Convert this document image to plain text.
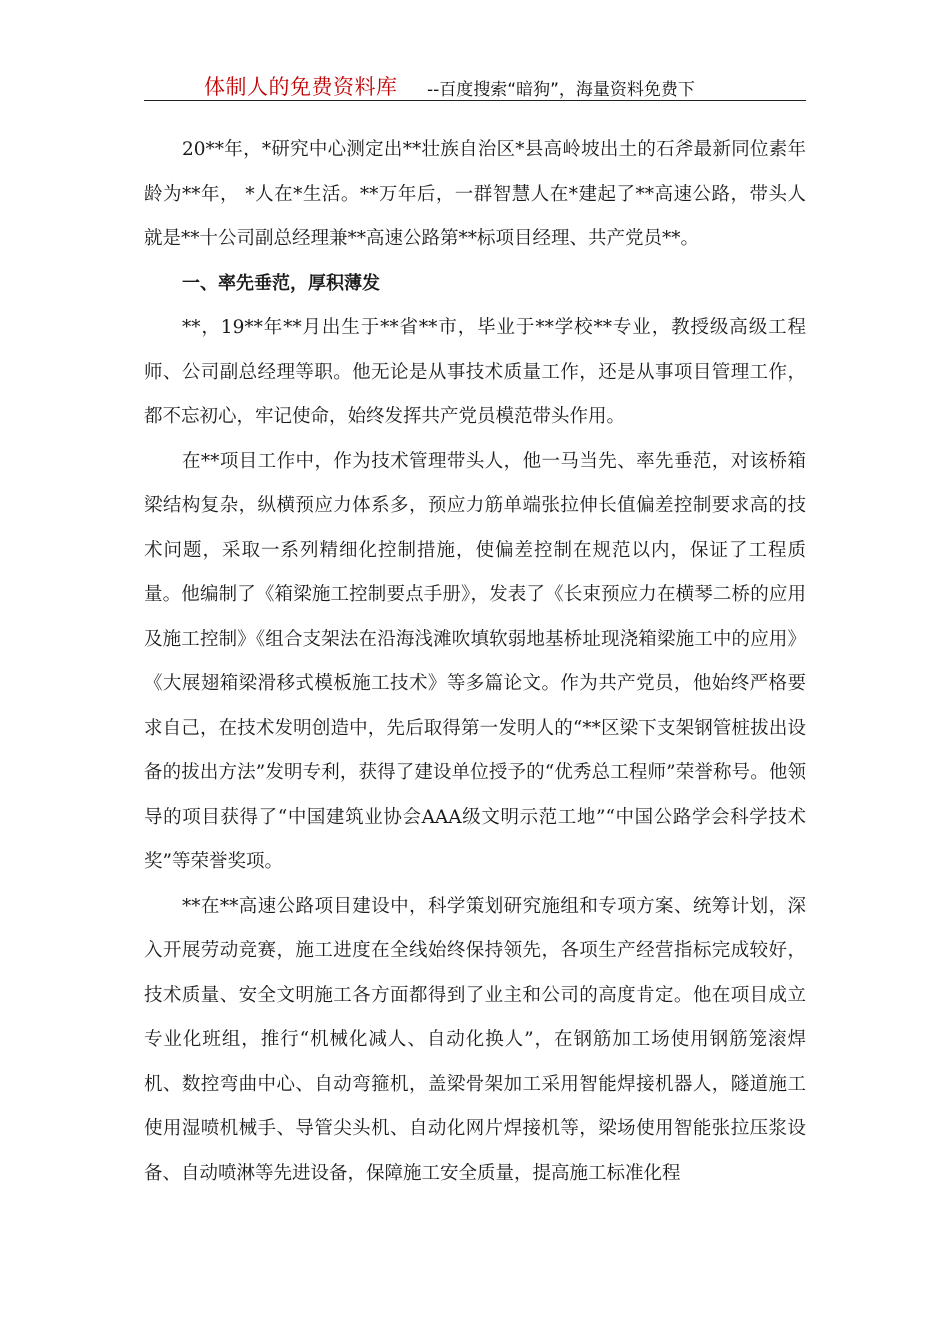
体制人的免费资料库 --百度搜索“暗狗”，海量资料免费下

20**年，*研究中心测定出**壮族自治区*县高岭坡出土的石斧最新同位素年龄为**年， *人在*生活。**万年后，一群智慧人在*建起了**高速公路，带头人就是**十公司副总经理兼**高速公路第**标项目经理、共产党员**。

一、率先垂范，厚积薄发

**，19**年**月出生于**省**市，毕业于**学校**专业，教授级高级工程师、公司副总经理等职。他无论是从事技术质量工作，还是从事项目管理工作，都不忘初心，牢记使命，始终发挥共产党员模范带头作用。

在**项目工作中，作为技术管理带头人，他一马当先、率先垂范，对该桥箱梁结构复杂，纵横预应力体系多，预应力筋单端张拉伸长值偏差控制要求高的技术问题，采取一系列精细化控制措施，使偏差控制在规范以内，保证了工程质量。他编制了《箱梁施工控制要点手册》，发表了《长束预应力在横琴二桥的应用及施工控制》《组合支架法在沿海浅滩吹填软弱地基桥址现浇箱梁施工中的应用》《大展翅箱梁滑移式模板施工技术》等多篇论文。作为共产党员，他始终严格要求自己，在技术发明创造中，先后取得第一发明人的“**区梁下支架钢管桩拔出设备的拔出方法”发明专利，获得了建设单位授予的“优秀总工程师”荣誉称号。他领导的项目获得了“中国建筑业协会AAA级文明示范工地”“中国公路学会科学技术奖”等荣誉奖项。

**在**高速公路项目建设中，科学策划研究施组和专项方案、统筹计划，深入开展劳动竞赛，施工进度在全线始终保持领先，各项生产经营指标完成较好，技术质量、安全文明施工各方面都得到了业主和公司的高度肯定。他在项目成立专业化班组，推行“机械化减人、自动化换人”，在钢筋加工场使用钢筋笼滚焊机、数控弯曲中心、自动弯箍机，盖梁骨架加工采用智能焊接机器人，隧道施工使用湿喷机械手、导管尖头机、自动化网片焊接机等，梁场使用智能张拉压浆设备、自动喷淋等先进设备，保障施工安全质量，提高施工标准化程
